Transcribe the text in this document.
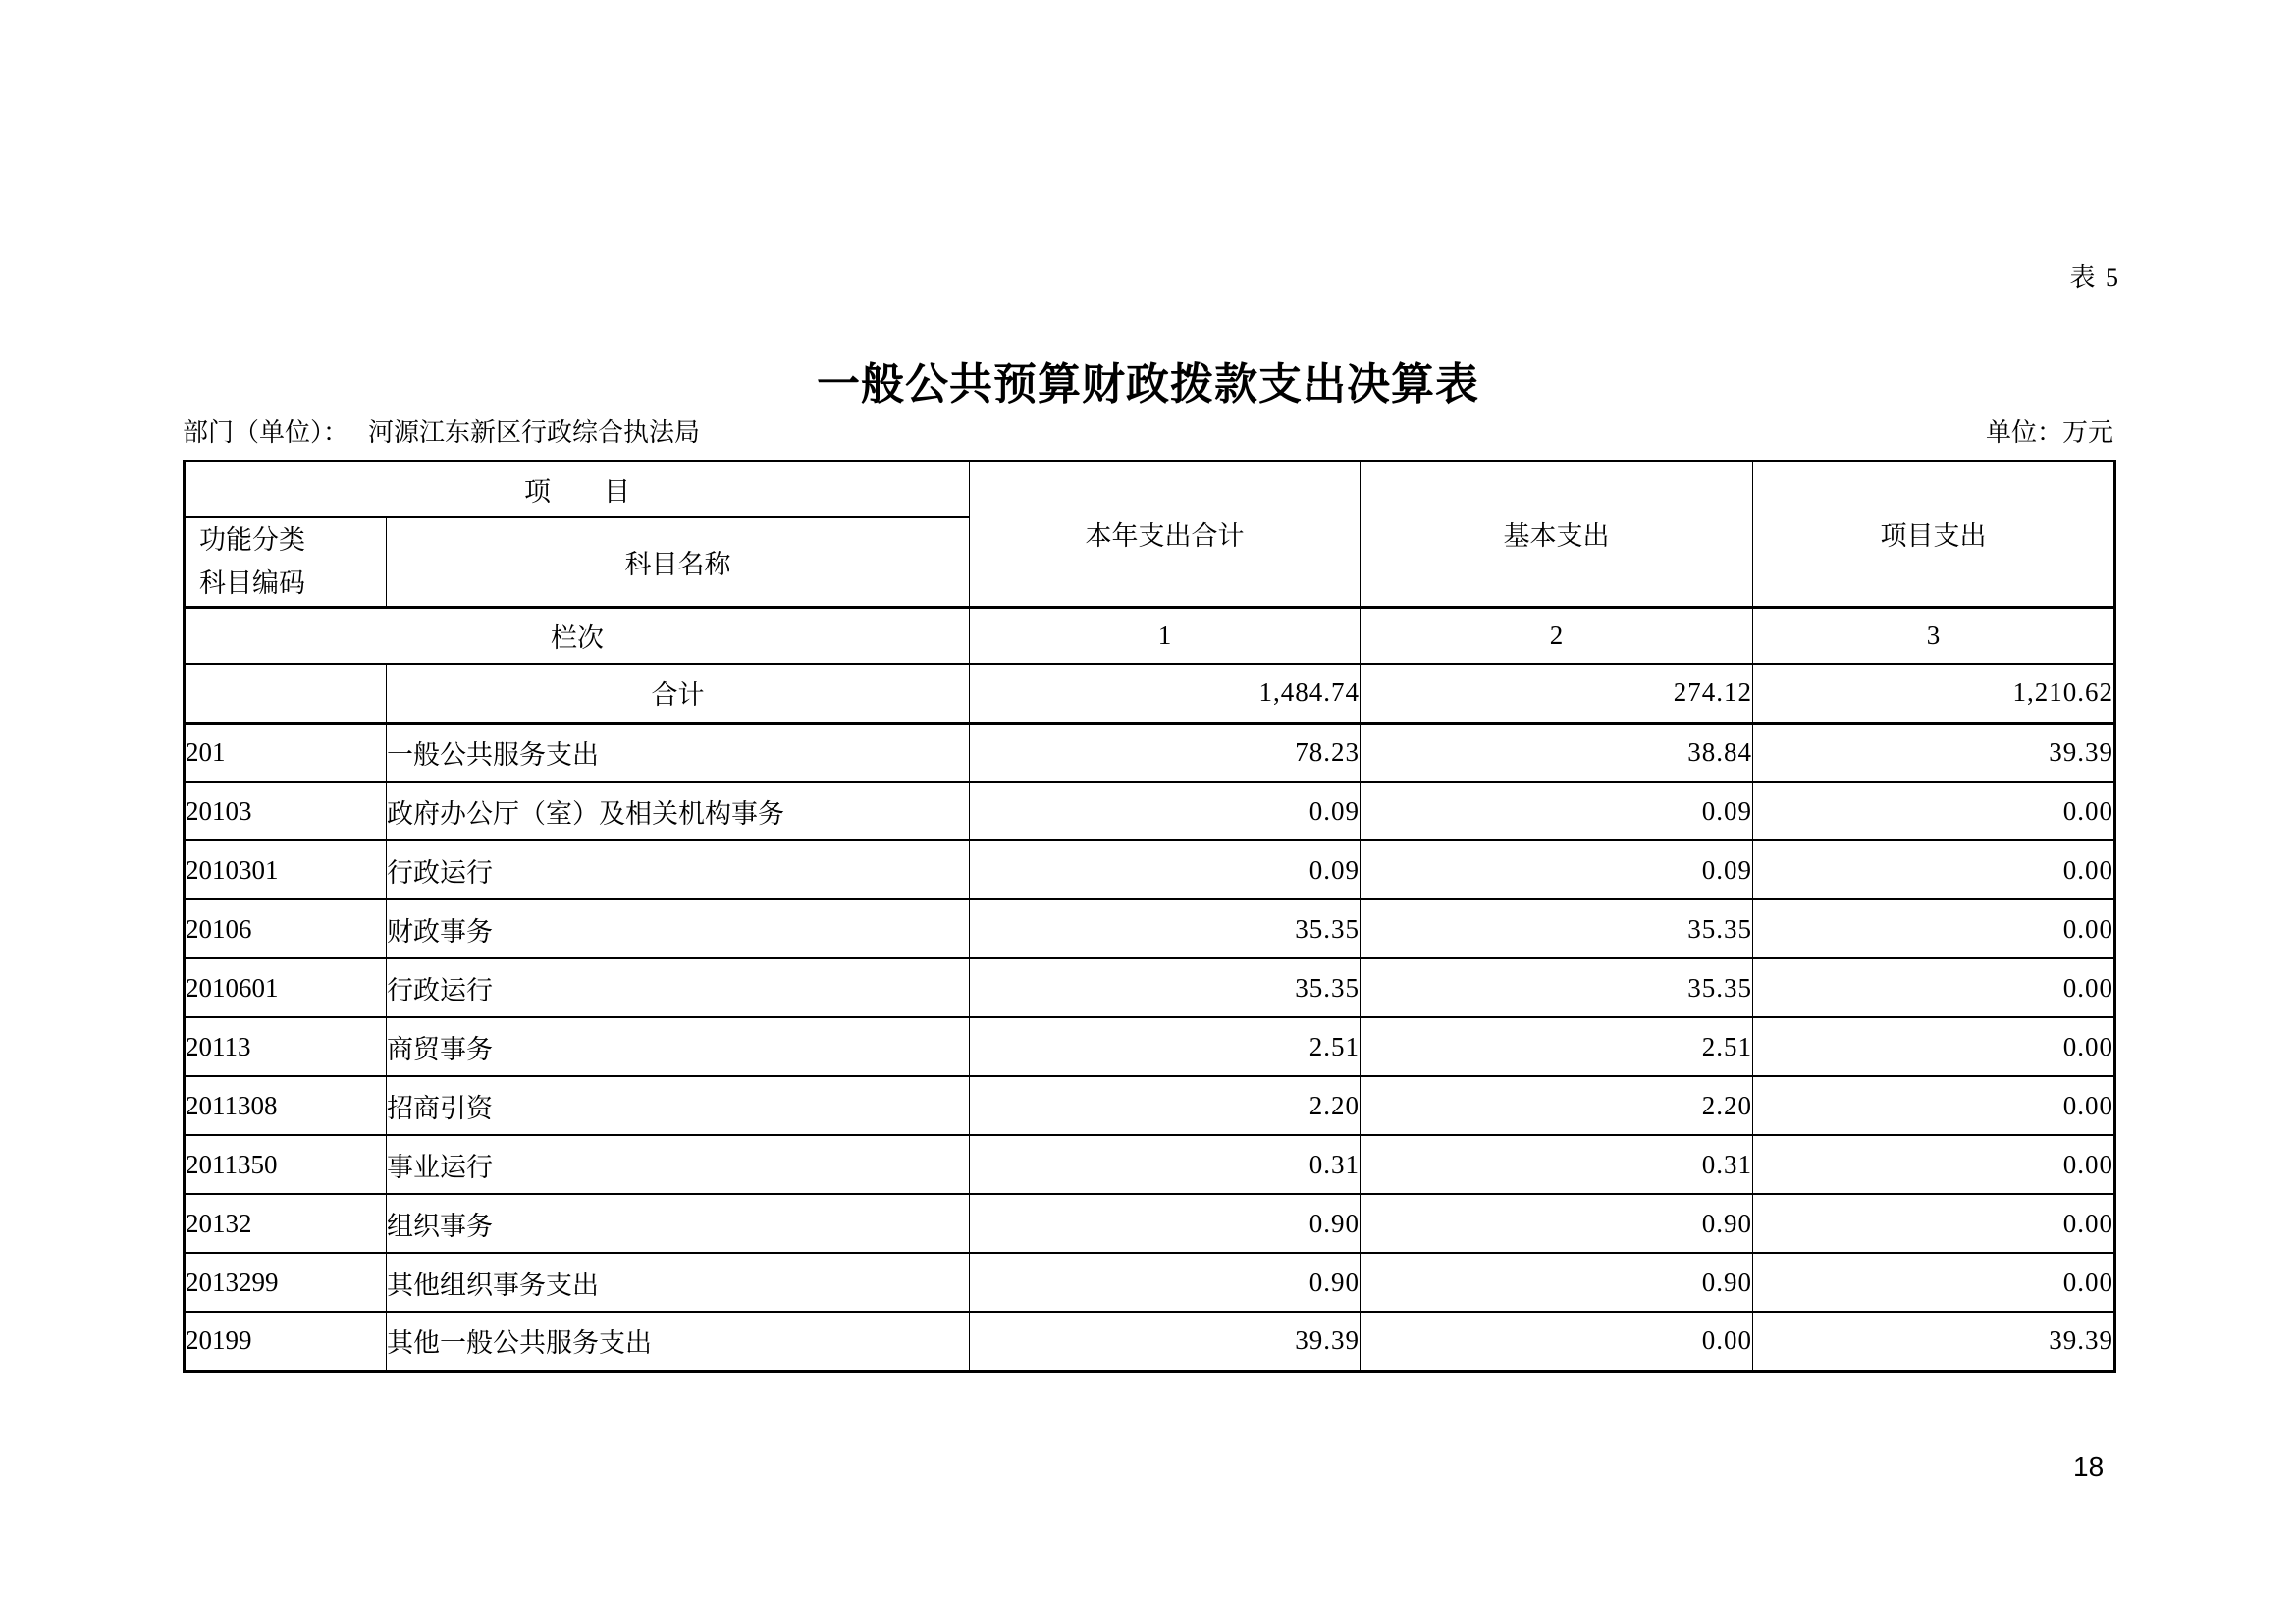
表 5
一般公共预算财政拨款支出决算表
部门（单位）： 河源江东新区行政综合执法局	单位：万元
项　　目		本年支出合计	基本支出	项目支出

功能分类
科目编码	科目名称			
栏次		1	2	3
	合计	1,484.74	274.12	1,210.62
201	一般公共服务支出	78.23	38.84	39.39
20103	政府办公厅（室）及相关机构事务	0.09	0.09	0.00
2010301	行政运行	0.09	0.09	0.00
20106	财政事务	35.35	35.35	0.00
2010601	行政运行	35.35	35.35	0.00
20113	商贸事务	2.51	2.51	0.00
2011308	招商引资	2.20	2.20	0.00
2011350	事业运行	0.31	0.31	0.00
20132	组织事务	0.90	0.90	0.00
2013299	其他组织事务支出	0.90	0.90	0.00
20199	其他一般公共服务支出	39.39	0.00	39.39
18
